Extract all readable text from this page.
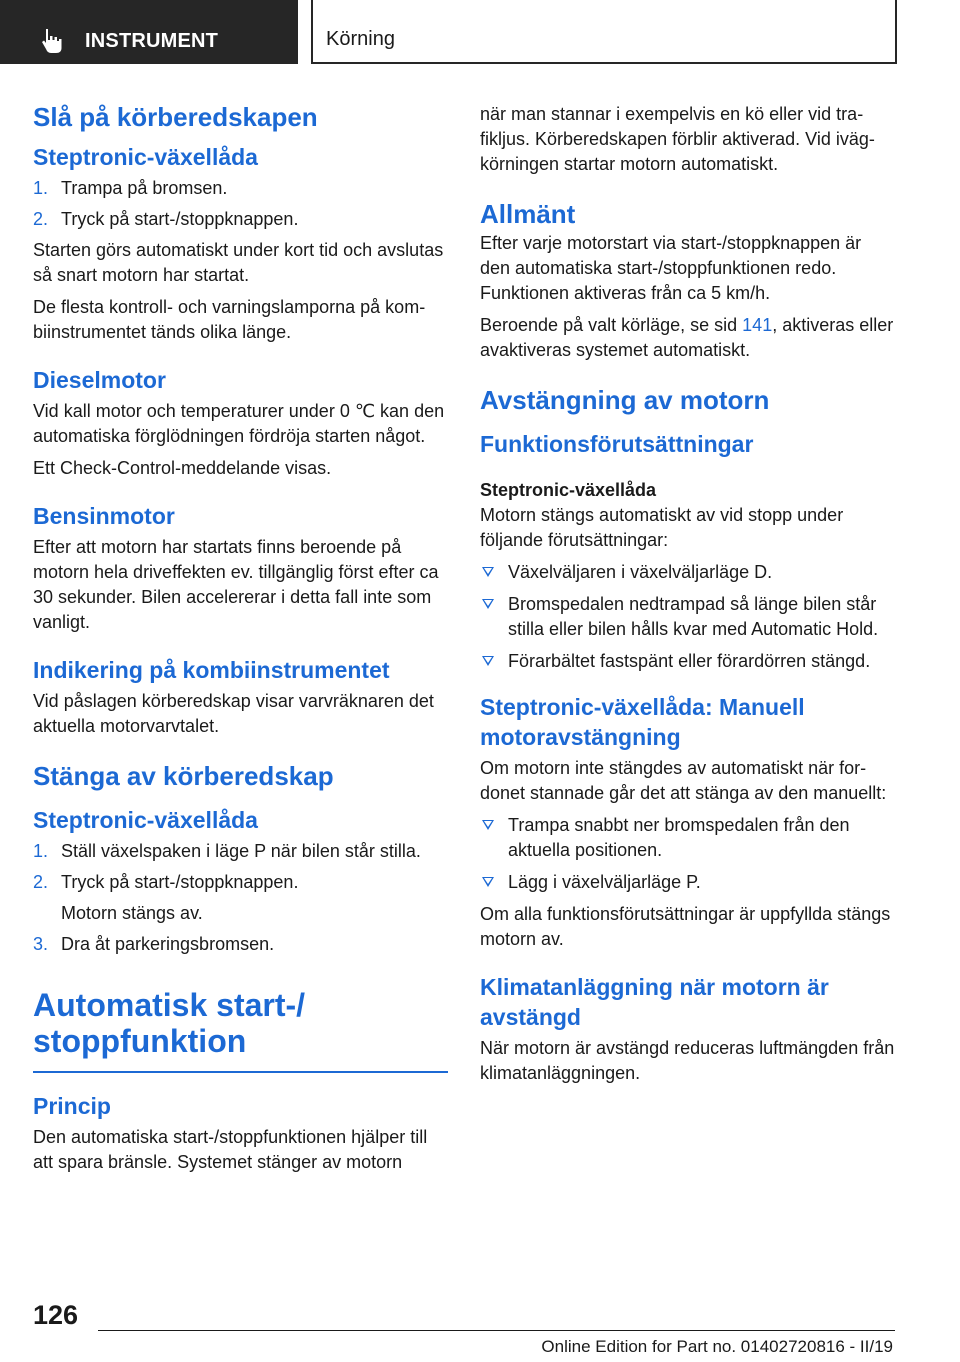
INSTRUMENT	Körning
Slå på körberedskapen
Steptronic-växellåda
1. Trampa på bromsen.
2. Tryck på start-/stoppknappen.
Starten görs automatiskt under kort tid och avslutas så snart motorn har startat.
De flesta kontroll- och varningslamporna på kombiinstrumentet tänds olika länge.
Dieselmotor
Vid kall motor och temperaturer under 0 ℃ kan den automatiska förglödningen fördröja starten något.
Ett Check-Control-meddelande visas.
Bensinmotor
Efter att motorn har startats finns beroende på motorn hela driveffekten ev. tillgänglig först efter ca 30 sekunder. Bilen accelererar i detta fall inte som vanligt.
Indikering på kombiinstrumentet
Vid påslagen körberedskap visar varvräknaren det aktuella motorvarvtalet.
Stänga av körberedskap
Steptronic-växellåda
1. Ställ växelspaken i läge P när bilen står stilla.
2. Tryck på start-/stoppknappen.
Motorn stängs av.
3. Dra åt parkeringsbromsen.
Automatisk start-/ stoppfunktion
Princip
Den automatiska start-/stoppfunktionen hjälper till att spara bränsle. Systemet stänger av motorn
när man stannar i exempelvis en kö eller vid trafikljus. Körberedskapen förblir aktiverad. Vid ivägkörningen startar motorn automatiskt.
Allmänt
Efter varje motorstart via start-/stoppknappen är den automatiska start-/stoppfunktionen redo. Funktionen aktiveras från ca 5 km/h.
Beroende på valt körläge, se sid 141, aktiveras eller avaktiveras systemet automatiskt.
Avstängning av motorn
Funktionsförutsättningar
Steptronic-växellåda
Motorn stängs automatiskt av vid stopp under följande förutsättningar:
Växelväljaren i växelväljarläge D.
Bromspedalen nedtrampad så länge bilen står stilla eller bilen hålls kvar med Automatic Hold.
Förarbältet fastspänt eller förardörren stängd.
Steptronic-växellåda: Manuell motoravstängning
Om motorn inte stängdes av automatiskt när fordonet stannade går det att stänga av den manuellt:
Trampa snabbt ner bromspedalen från den aktuella positionen.
Lägg i växelväljarläge P.
Om alla funktionsförutsättningar är uppfyllda stängs motorn av.
Klimatanläggning när motorn är avstängd
När motorn är avstängd reduceras luftmängden från klimatanläggningen.
126
Online Edition for Part no. 01402720816 - II/19
